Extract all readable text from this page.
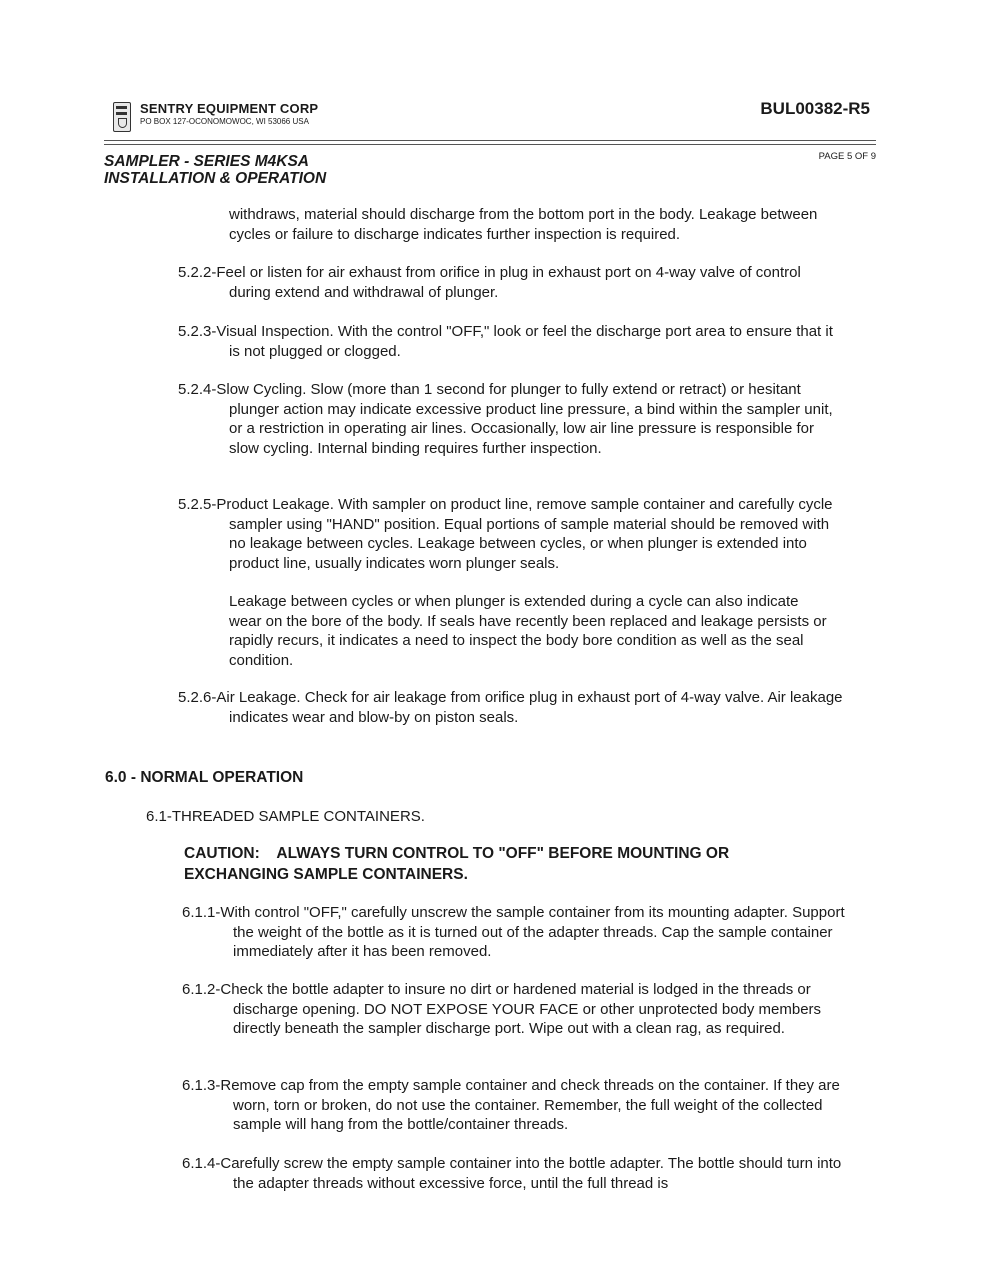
SENTRY EQUIPMENT CORP
PO BOX 127-OCONOMOWOC, WI 53066 USA
BUL00382-R5
SAMPLER - SERIES M4KSA
INSTALLATION & OPERATION
PAGE 5 OF 9
withdraws, material should discharge from the bottom port in the body. Leakage between cycles or failure to discharge indicates further inspection is required.
5.2.2-Feel or listen for air exhaust from orifice in plug in exhaust port on 4-way valve of control during extend and withdrawal of plunger.
5.2.3-Visual Inspection. With the control "OFF," look or feel the discharge port area to ensure that it is not plugged or clogged.
5.2.4-Slow Cycling. Slow (more than 1 second for plunger to fully extend or retract) or hesitant plunger action may indicate excessive product line pressure, a bind within the sampler unit, or a restriction in operating air lines. Occasionally, low air line pressure is responsible for slow cycling. Internal binding requires further inspection.
5.2.5-Product Leakage. With sampler on product line, remove sample container and carefully cycle sampler using "HAND" position. Equal portions of sample material should be removed with no leakage between cycles. Leakage between cycles, or when plunger is extended into product line, usually indicates worn plunger seals.
Leakage between cycles or when plunger is extended during a cycle can also indicate wear on the bore of the body. If seals have recently been replaced and leakage persists or rapidly recurs, it indicates a need to inspect the body bore condition as well as the seal condition.
5.2.6-Air Leakage. Check for air leakage from orifice plug in exhaust port of 4-way valve. Air leakage indicates wear and blow-by on piston seals.
6.0 - NORMAL OPERATION
6.1-THREADED SAMPLE CONTAINERS.
CAUTION:    ALWAYS TURN CONTROL TO "OFF" BEFORE MOUNTING OR
EXCHANGING SAMPLE CONTAINERS.
6.1.1-With control "OFF," carefully unscrew the sample container from its mounting adapter. Support the weight of the bottle as it is turned out of the adapter threads. Cap the sample container immediately after it has been removed.
6.1.2-Check the bottle adapter to insure no dirt or hardened material is lodged in the threads or discharge opening. DO NOT EXPOSE YOUR FACE or other unprotected body members directly beneath the sampler discharge port. Wipe out with a clean rag, as required.
6.1.3-Remove cap from the empty sample container and check threads on the container. If they are worn, torn or broken, do not use the container. Remember, the full weight of the collected sample will hang from the bottle/container threads.
6.1.4-Carefully screw the empty sample container into the bottle adapter. The bottle should turn into the adapter threads without excessive force, until the full thread is
